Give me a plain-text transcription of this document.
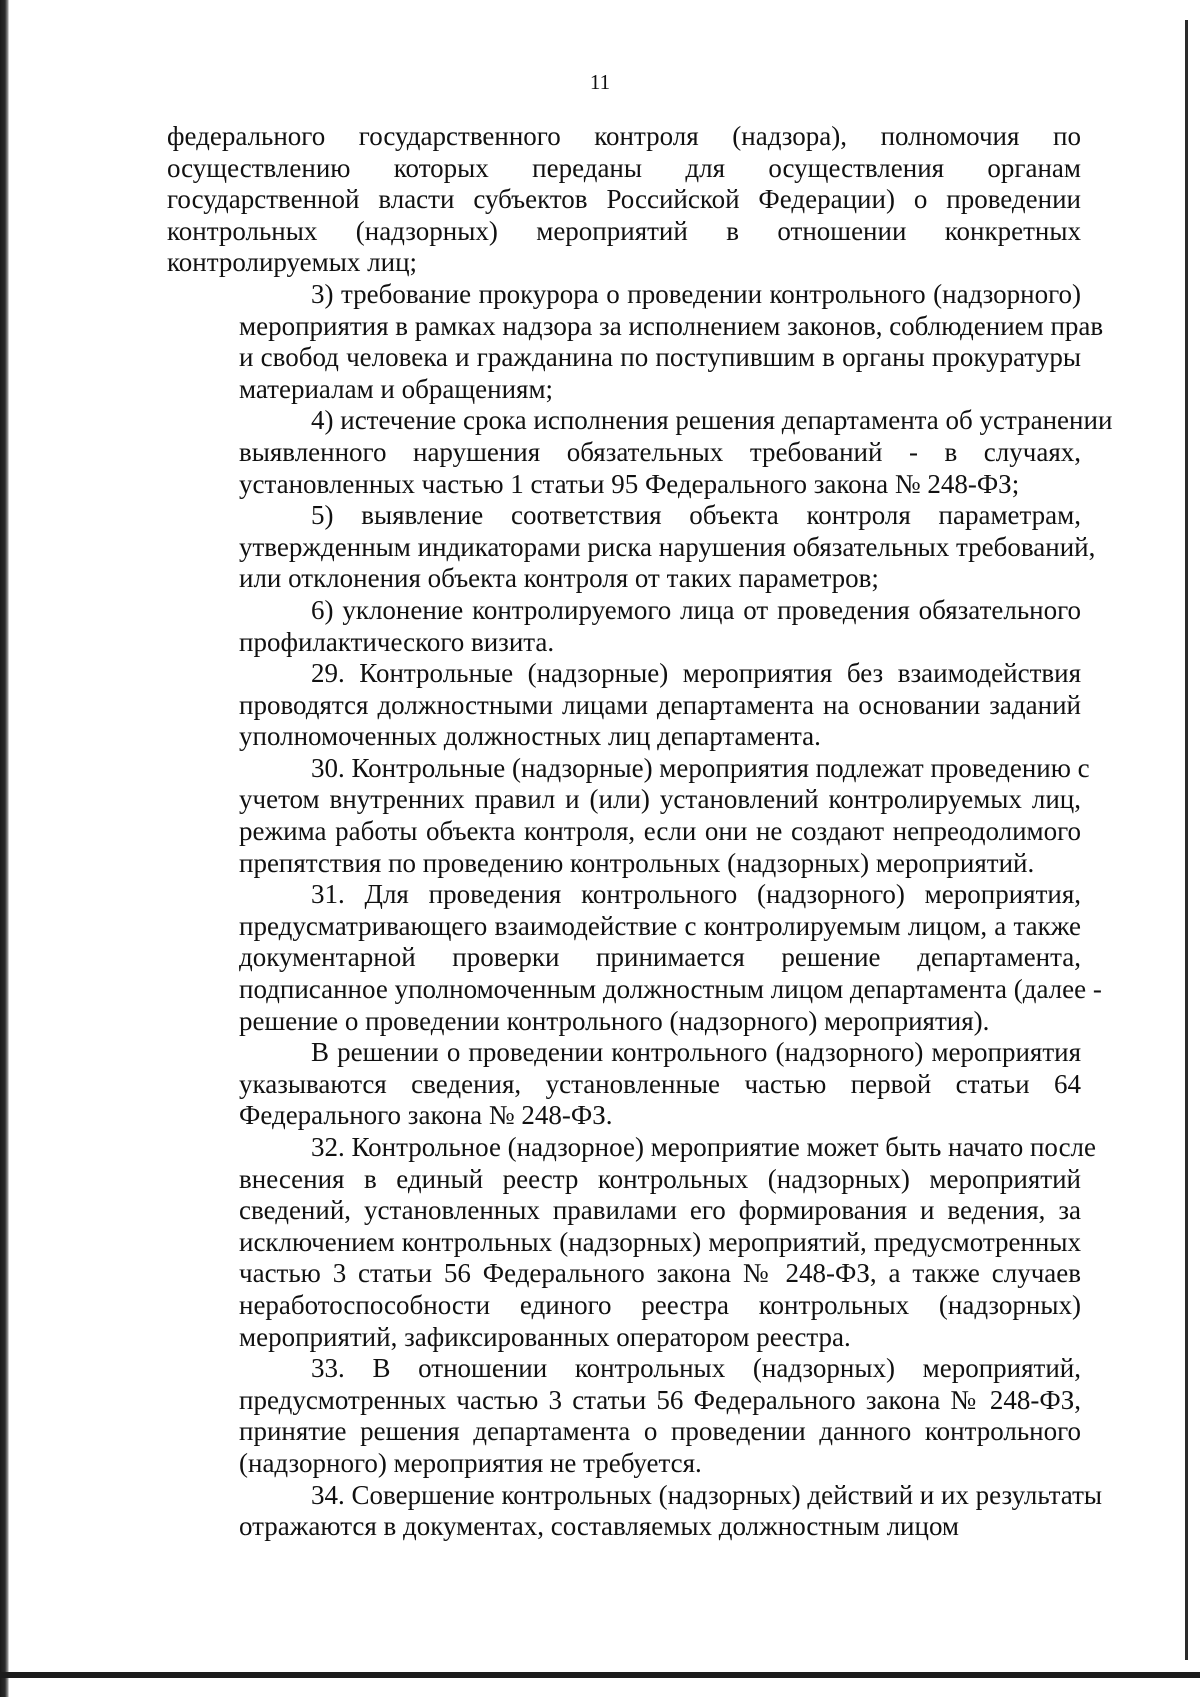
11
федерального государственного контроля (надзора), полномочия по
осуществлению которых переданы для осуществления органам
государственной власти субъектов Российской Федерации) о проведении
контрольных (надзорных) мероприятий в отношении конкретных
контролируемых лиц;
3) требование прокурора о проведении контрольного (надзорного)
мероприятия в рамках надзора за исполнением законов, соблюдением прав
и свобод человека и гражданина по поступившим в органы прокуратуры
материалам и обращениям;
4) истечение срока исполнения решения департамента об устранении
выявленного нарушения обязательных требований - в случаях,
установленных частью 1 статьи 95 Федерального закона № 248-ФЗ;
5) выявление соответствия объекта контроля параметрам,
утвержденным индикаторами риска нарушения обязательных требований,
или отклонения объекта контроля от таких параметров;
6) уклонение контролируемого лица от проведения обязательного
профилактического визита.
29. Контрольные (надзорные) мероприятия без взаимодействия
проводятся должностными лицами департамента на основании заданий
уполномоченных должностных лиц департамента.
30. Контрольные (надзорные) мероприятия подлежат проведению с
учетом внутренних правил и (или) установлений контролируемых лиц,
режима работы объекта контроля, если они не создают непреодолимого
препятствия по проведению контрольных (надзорных) мероприятий.
31. Для проведения контрольного (надзорного) мероприятия,
предусматривающего взаимодействие с контролируемым лицом, а также
документарной проверки принимается решение департамента,
подписанное уполномоченным должностным лицом департамента (далее -
решение о проведении контрольного (надзорного) мероприятия).
В решении о проведении контрольного (надзорного) мероприятия
указываются сведения, установленные частью первой статьи 64
Федерального закона № 248-ФЗ.
32. Контрольное (надзорное) мероприятие может быть начато после
внесения в единый реестр контрольных (надзорных) мероприятий
сведений, установленных правилами его формирования и ведения, за
исключением контрольных (надзорных) мероприятий, предусмотренных
частью 3 статьи 56 Федерального закона № 248-ФЗ, а также случаев
неработоспособности единого реестра контрольных (надзорных)
мероприятий, зафиксированных оператором реестра.
33. В отношении контрольных (надзорных) мероприятий,
предусмотренных частью 3 статьи 56 Федерального закона № 248-ФЗ,
принятие решения департамента о проведении данного контрольного
(надзорного) мероприятия не требуется.
34. Совершение контрольных (надзорных) действий и их результаты
отражаются в документах, составляемых должностным лицом
